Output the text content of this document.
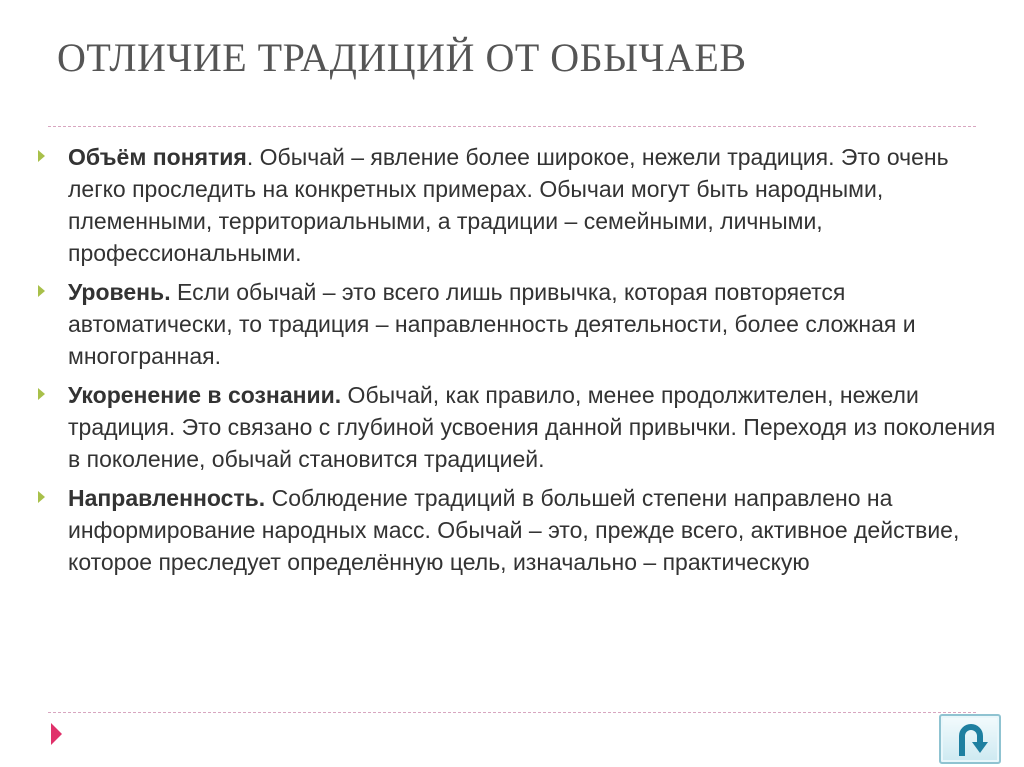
ОТЛИЧИЕ ТРАДИЦИЙ ОТ ОБЫЧАЕВ
Объём понятия. Обычай – явление более широкое, нежели традиция. Это очень легко проследить на конкретных примерах. Обычаи могут быть народными, племенными, территориальными, а традиции – семейными, личными, профессиональными.
Уровень. Если обычай – это всего лишь привычка, которая повторяется автоматически, то традиция – направленность деятельности, более сложная и многогранная.
Укоренение в сознании. Обычай, как правило, менее продолжителен, нежели традиция. Это связано с глубиной усвоения данной привычки. Переходя из поколения в поколение, обычай становится традицией.
Направленность. Соблюдение традиций в большей степени направлено на информирование народных масс. Обычай – это, прежде всего, активное действие, которое преследует определённую цель, изначально – практическую
